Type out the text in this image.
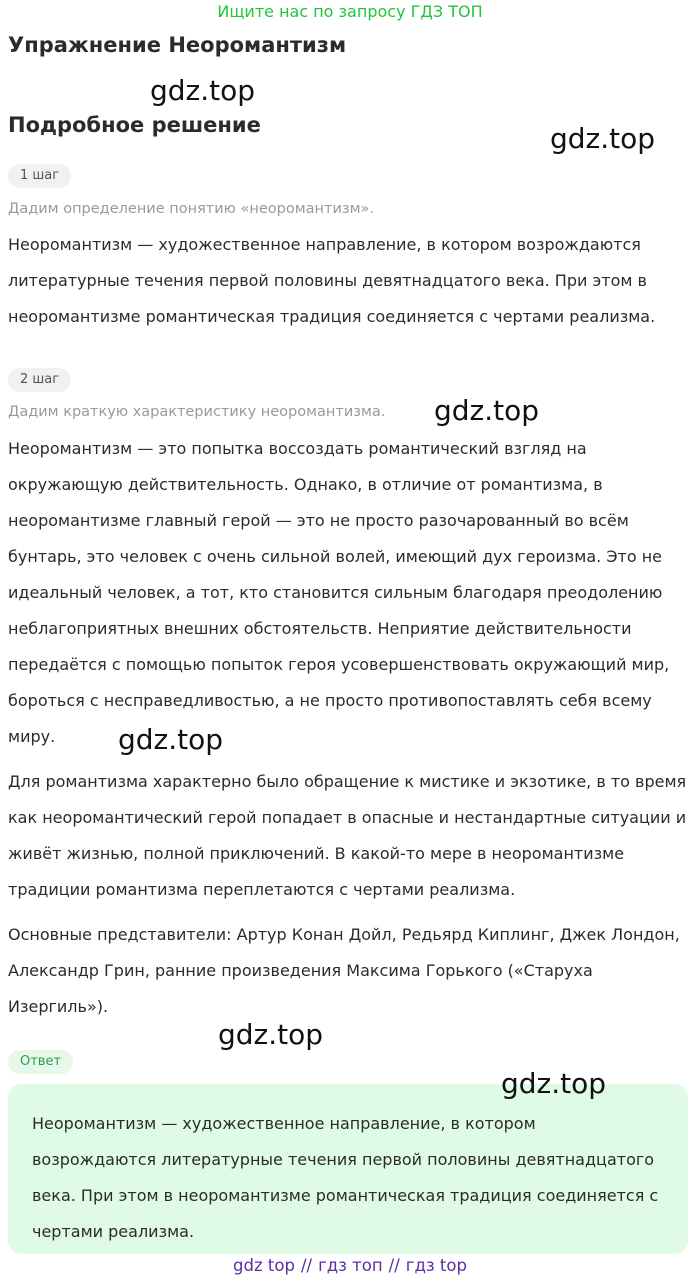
Ищите нас по запросу ГДЗ ТОП
Упражнение Неоромантизм
gdz.top
Подробное решение	gdz.top
1 шаг
Дадим определение понятию «неоромантизм».

Неоромантизм — художественное направление, в котором возрождаются литературные течения первой половины девятнадцатого века. При этом в неоромантизме романтическая традиция соединяется с чертами реализма.

2 шаг
Дадим краткую характеристику неоромантизма. gdz.top

Неоромантизм — это попытка воссоздать романтический взгляд на окружающую действительность. Однако, в отличие от романтизма, в неоромантизме главный герой — это не просто разочарованный во всём бунтарь, это человек с очень сильной волей, имеющий дух героизма. Это не идеальный человек, а тот, кто становится сильным благодаря преодолению неблагоприятных внешних обстоятельств. Неприятие действительности передаётся с помощью попыток героя усовершенствовать окружающий мир, бороться с несправедливостью, а не просто противопоставлять себя всему миру.	gdz.top

Для романтизма характерно было обращение к мистике и экзотике, в то время как неоромантический герой попадает в опасные и нестандартные ситуации и живёт жизнью, полной приключений. В какой-то мере в неоромантизме традиции романтизма переплетаются с чертами реализма.

Основные представители: Артур Конан Дойл, Редьярд Киплинг, Джек Лондон, Александр Грин, ранние произведения Максима Горького («Старуха Изергиль»).

gdz.top
Ответ

Неоромантизм — художественное направление, в котором возрождаются литературные течения первой половины девятнадцатого века. При этом в неоромантизме романтическая традиция соединяется с чертами реализма.

gdz.top
gdz top // гдз топ // гдз top
